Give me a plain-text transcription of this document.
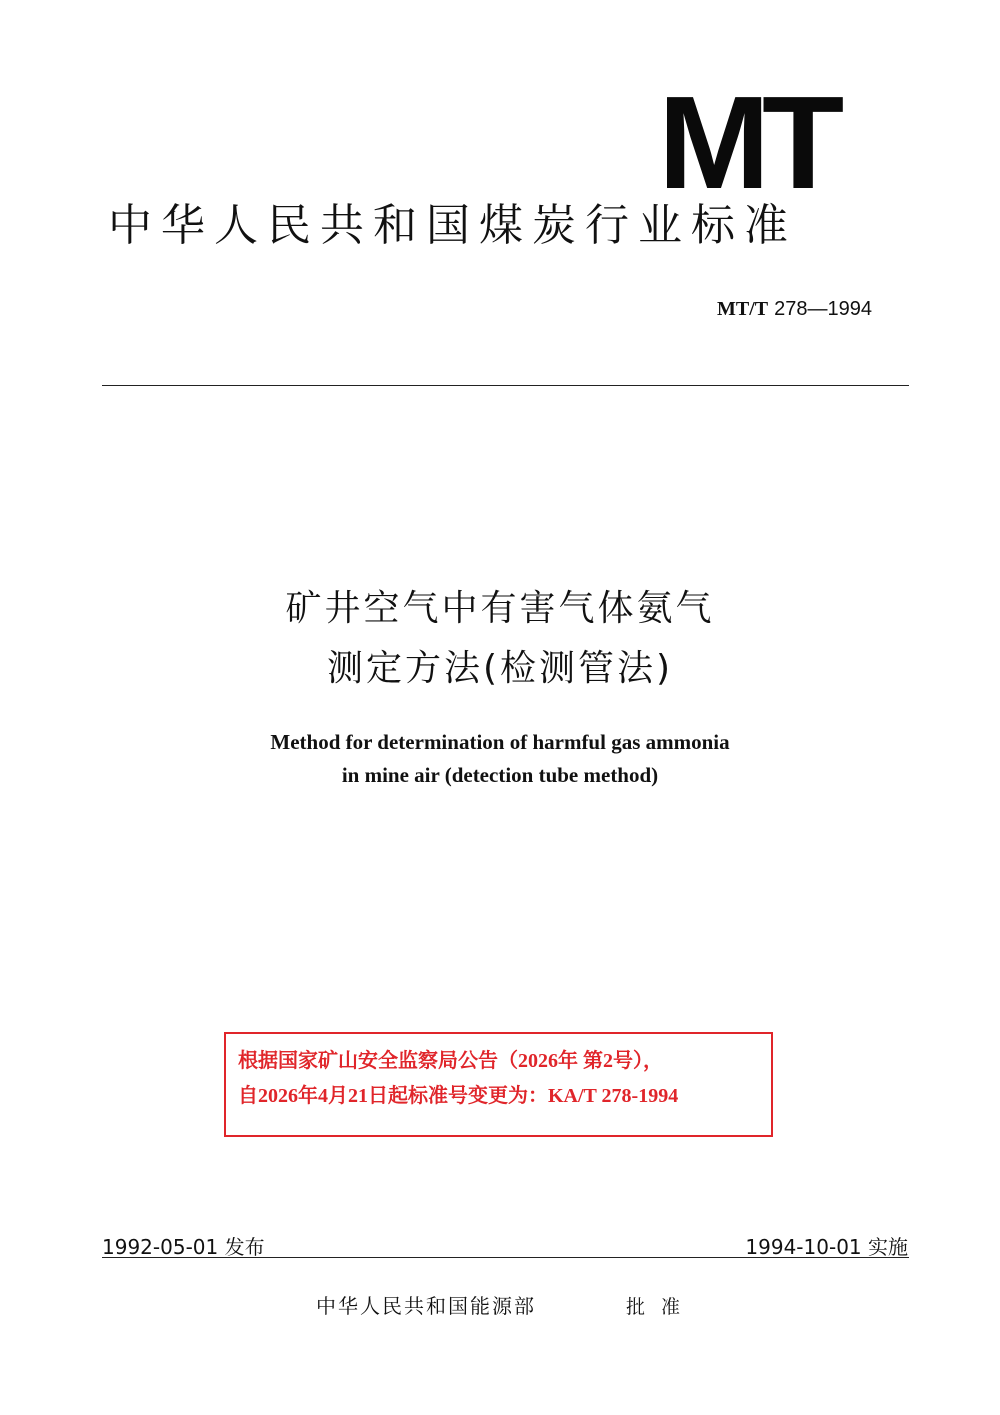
MT
中华人民共和国煤炭行业标准
MT/T 278—1994
矿井空气中有害气体氨气
测定方法(检测管法)
Method for determination of harmful gas ammonia
in mine air (detection tube method)
根据国家矿山安全监察局公告（2026年 第2号），
自2026年4月21日起标准号变更为：KA/T 278-1994
1992-05-01 发布	1994-10-01 实施
中华人民共和国能源部	批 准
